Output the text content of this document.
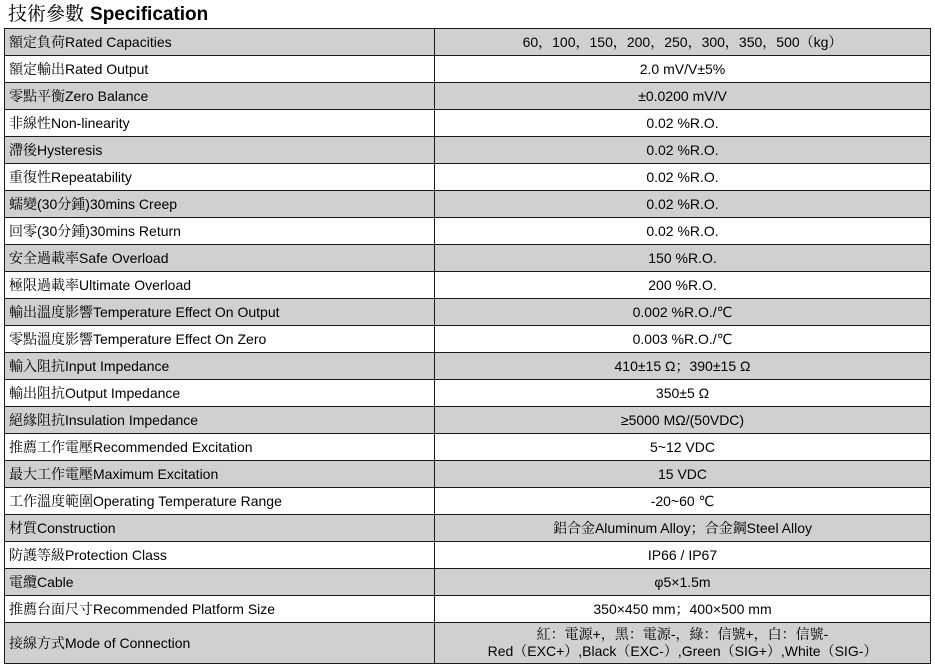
技術參數 Specification
額定負荷Rated Capacities	60，100，150，200，250，300，350，500（kg）
額定輸出Rated Output	2.0 mV/V±5%
零點平衡Zero Balance	±0.0200 mV/V
非線性Non-linearity	0.02 %R.O.
滯後Hysteresis	0.02 %R.O.
重復性Repeatability	0.02 %R.O.
蠕變(30分鍾)30mins Creep	0.02 %R.O.
回零(30分鍾)30mins Return	0.02 %R.O.
安全過載率Safe Overload	150 %R.O.
極限過載率Ultimate Overload	200 %R.O.
輸出溫度影響Temperature Effect On Output	0.002 %R.O./℃
零點溫度影響Temperature Effect On Zero	0.003 %R.O./℃
輸入阻抗Input Impedance	410±15 Ω；390±15 Ω
輸出阻抗Output Impedance	350±5 Ω
絕緣阻抗Insulation Impedance	≥5000 MΩ/(50VDC)
推薦工作電壓Recommended Excitation	5~12 VDC
最大工作電壓Maximum Excitation	15 VDC
工作溫度範圍Operating Temperature Range	-20~60 ℃
材質Construction	鋁合金Aluminum Alloy；合金鋼Steel Alloy
防護等級Protection Class	IP66 / IP67
電纜Cable	φ5×1.5m
推薦台面尺寸Recommended Platform Size	350×450 mm；400×500 mm
接線方式Mode of Connection	紅：電源+，黑：電源-，綠：信號+，白：信號-
Red（EXC+）,Black（EXC-）,Green（SIG+）,White（SIG-）
